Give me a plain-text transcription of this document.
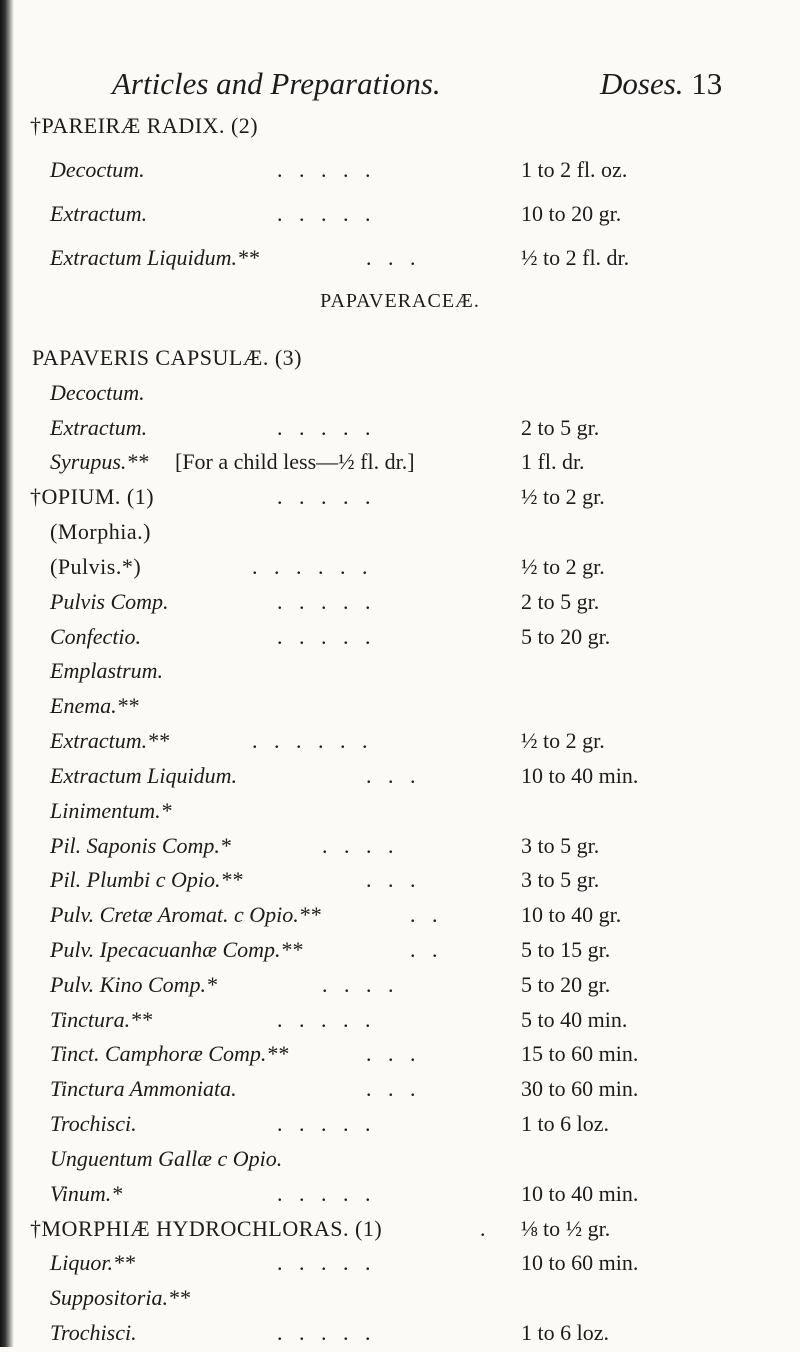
Articles and Preparations.	Doses. 13
PAPAVERACEÆ.
†PAREIRÆ RADIX. (2)
Decoctum.	.   .   .   .   .	1 to 2 fl. oz.
Extractum.	.   .   .   .   .	10 to 20 gr.
Extractum Liquidum.**	.   .   .	½ to 2 fl. dr.
PAPAVERIS CAPSULÆ. (3)
Decoctum.
Extractum.	.   .   .   .   .	2 to 5 gr.
Syrupus.** [For a child less—½ fl. dr.]	1 fl. dr.
†OPIUM. (1)	.   .   .   .   .	½ to 2 gr.
(Morphia.)
(Pulvis.*)	.   .   .   .   .   .	½ to 2 gr.
Pulvis Comp.	.   .   .   .   .	2 to 5 gr.
Confectio.	.   .   .   .   .	5 to 20 gr.
Emplastrum.
Enema.**
Extractum.**	.   .   .   .   .   .	½ to 2 gr.
Extractum Liquidum.	.   .   .	10 to 40 min.
Linimentum.*
Pil. Saponis Comp.*	.   .   .   .	3 to 5 gr.
Pil. Plumbi c Opio.**	.   .   .	3 to 5 gr.
Pulv. Cretæ Aromat. c Opio.**	.   .	10 to 40 gr.
Pulv. Ipecacuanhæ Comp.**	.   .	5 to 15 gr.
Pulv. Kino Comp.*	.   .   .   .	5 to 20 gr.
Tinctura.**	.   .   .   .   .	5 to 40 min.
Tinct. Camphoræ Comp.**	.   .   .	15 to 60 min.
Tinctura Ammoniata.	.   .   .	30 to 60 min.
Trochisci.	.   .   .   .   .	1 to 6 loz.
Unguentum Gallæ c Opio.
Vinum.*	.   .   .   .   .	10 to 40 min.
†MORPHIÆ HYDROCHLORAS. (1)	. ⅛ to ½ gr.
Liquor.**	.   .   .   .   .	10 to 60 min.
Suppositoria.**
Trochisci.	.   .   .   .   .	1 to 6 loz.
